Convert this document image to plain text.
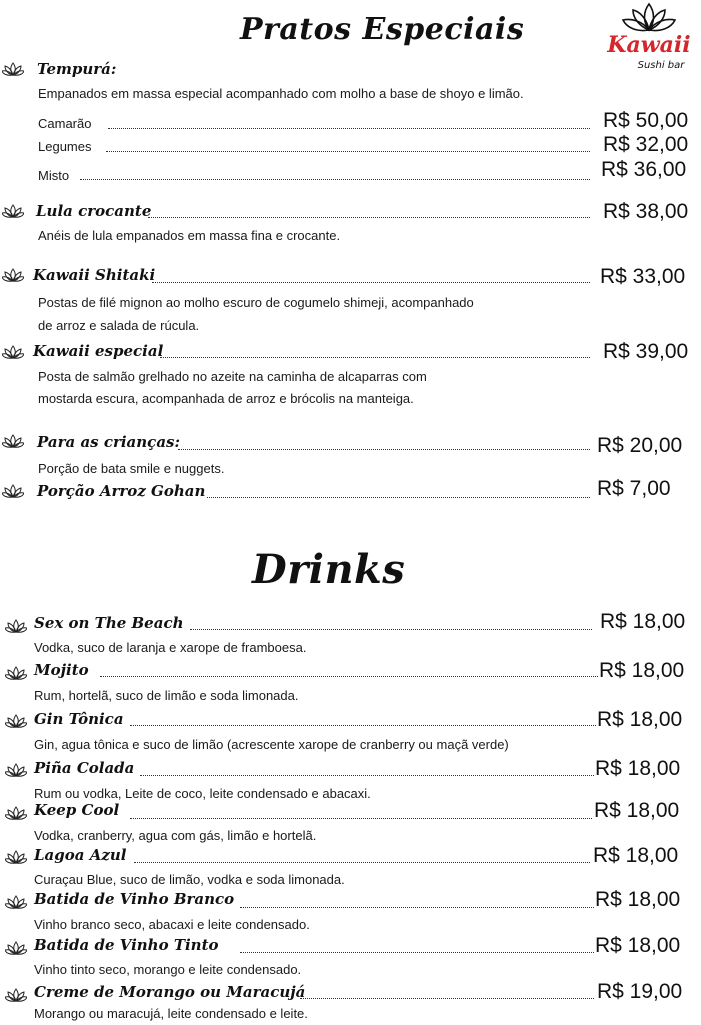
Pratos Especiais	Kawaii
Sushi bar
Tempurá:
Empanados em massa especial acompanhado com molho a base de shoyo e limão.
Camarão	R$ 50,00
Legumes	R$ 32,00
Misto	R$ 36,00
Lula crocante	R$ 38,00
Anéis de lula empanados em massa fina e crocante.
Kawaii Shitaki	R$ 33,00
Postas de filé mignon ao molho escuro de cogumelo shimeji, acompanhado
de arroz e salada de rúcula.
Kawaii especial	R$ 39,00
Posta de salmão grelhado no azeite na caminha de alcaparras com
mostarda escura, acompanhada de arroz e brócolis na manteiga.
Para as crianças:	R$ 20,00
Porção de bata smile e nuggets.
Porção Arroz Gohan	R$ 7,00
Drinks
Sex on The Beach	R$ 18,00
Vodka, suco de laranja e xarope de framboesa.
Mojito	R$ 18,00
Rum, hortelã, suco de limão e soda limonada.
Gin Tônica	R$ 18,00
Gin, agua tônica e suco de limão (acrescente xarope de cranberry ou maçã verde)
Piña Colada	R$ 18,00
Rum ou vodka, Leite de coco, leite condensado e abacaxi.
Keep Cool	R$ 18,00
Vodka, cranberry, agua com gás, limão e hortelã.
Lagoa Azul	R$ 18,00
Curaçau Blue, suco de limão, vodka e soda limonada.
Batida de Vinho Branco	R$ 18,00
Vinho branco seco, abacaxi e leite condensado.
Batida de Vinho Tinto	R$ 18,00
Vinho tinto seco, morango e leite condensado.
Creme de Morango ou Maracujá	R$ 19,00
Morango ou maracujá, leite condensado e leite.
